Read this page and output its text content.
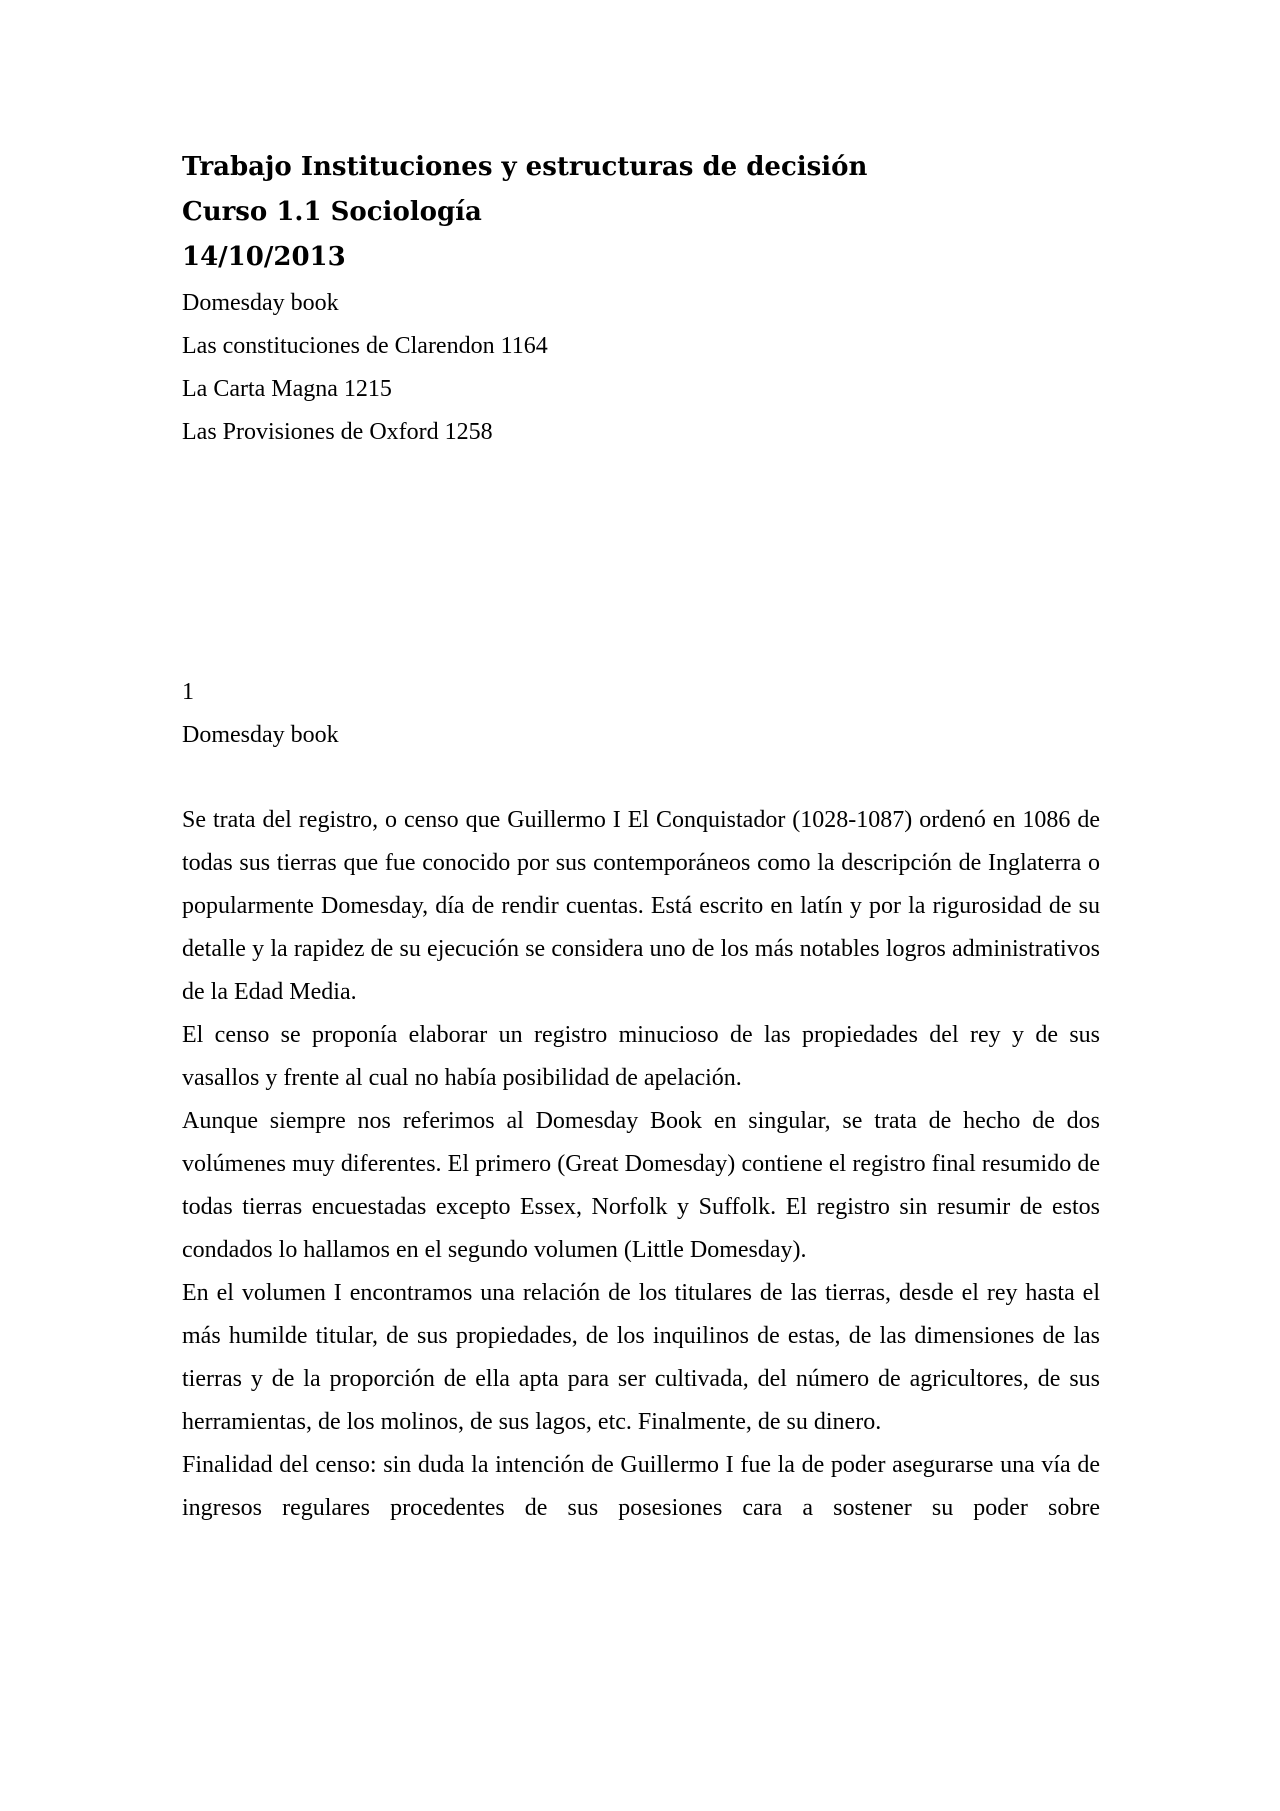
Trabajo Instituciones y estructuras de decisión

Curso 1.1 Sociología

14/10/2013

Domesday book

Las constituciones de Clarendon 1164

La Carta Magna 1215

Las Provisiones de Oxford 1258

1

Domesday book

Se trata del registro, o censo que Guillermo I El Conquistador (1028-1087) ordenó en 1086 de todas sus tierras que fue conocido por sus contemporáneos como la descripción de Inglaterra o popularmente Domesday, día de rendir cuentas. Está escrito en latín y por la rigurosidad de su detalle y la rapidez de su ejecución se considera uno de los más notables logros administrativos de la Edad Media.

El censo se proponía elaborar un registro minucioso de las propiedades del rey y de sus vasallos y frente al cual no había posibilidad de apelación.

Aunque siempre nos referimos al Domesday Book en singular, se trata de hecho de dos volúmenes muy diferentes. El primero (Great Domesday) contiene el registro final resumido de todas tierras encuestadas excepto Essex, Norfolk y Suffolk. El registro sin resumir de estos condados lo hallamos en el segundo volumen (Little Domesday).

En el volumen I encontramos una relación de los titulares de las tierras, desde el rey hasta el más humilde titular, de sus propiedades, de los inquilinos de estas, de las dimensiones de las tierras y de la proporción de ella apta para ser cultivada, del número de agricultores, de sus herramientas, de los molinos, de sus lagos, etc. Finalmente, de su dinero.

Finalidad del censo: sin duda la intención de Guillermo I fue la de poder asegurarse una vía de ingresos regulares procedentes de sus posesiones cara a sostener su poder sobre
